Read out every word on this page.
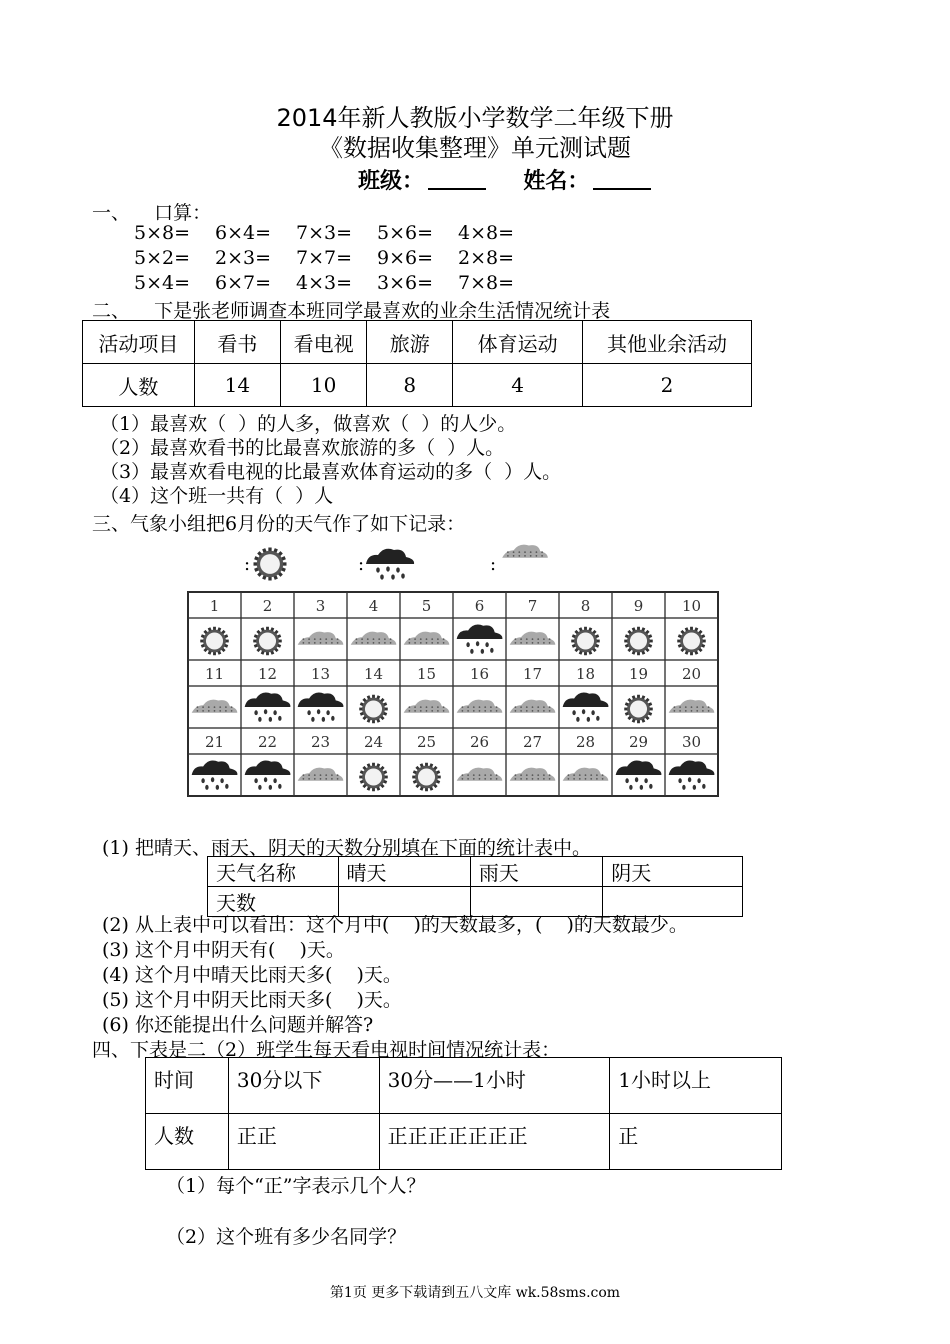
2014年新人教版小学数学二年级下册
《数据收集整理》单元测试题
班级：	姓名：
一、    口算：
5×8= 6×4= 7×3= 5×6= 4×8=
5×2= 2×3= 7×7= 9×6= 2×8=
5×4= 6×7= 4×3= 3×6= 7×8=
二、    下是张老师调查本班同学最喜欢的业余生活情况统计表
活动项目	看书	看电视	旅游	体育运动	其他业余活动
人数	14	10	8	4	2
（1）最喜欢（  ）的人多，做喜欢（  ）的人少。
（2）最喜欢看书的比最喜欢旅游的多（  ）人。
（3）最喜欢看电视的比最喜欢体育运动的多（  ）人。
（4）这个班一共有（  ）人
三、气象小组把6月份的天气作了如下记录：
:	:	:
1	2	3	4	5	6	7	8	9	10
11 12 13 14 15 16 17 18 19 20
21 22 23 24 25 26 27 28 29 30
(1) 把晴天、雨天、阴天的天数分别填在下面的统计表中。
天气名称	晴天	雨天	阴天
天数			
(2) 从上表中可以看出：这个月中(    )的天数最多，(    )的天数最少。
(3) 这个月中阴天有(    )天。
(4) 这个月中晴天比雨天多(    )天。
(5) 这个月中阴天比雨天多(    )天。
(6) 你还能提出什么问题并解答?
四、下表是二（2）班学生每天看电视时间情况统计表：
时间	30分以下	30分——1小时	1小时以上
人数	正正	正正正正正正正	正
（1）每个“正”字表示几个人？
（2）这个班有多少名同学？
第1页 更多下载请到五八文库 wk.58sms.com
